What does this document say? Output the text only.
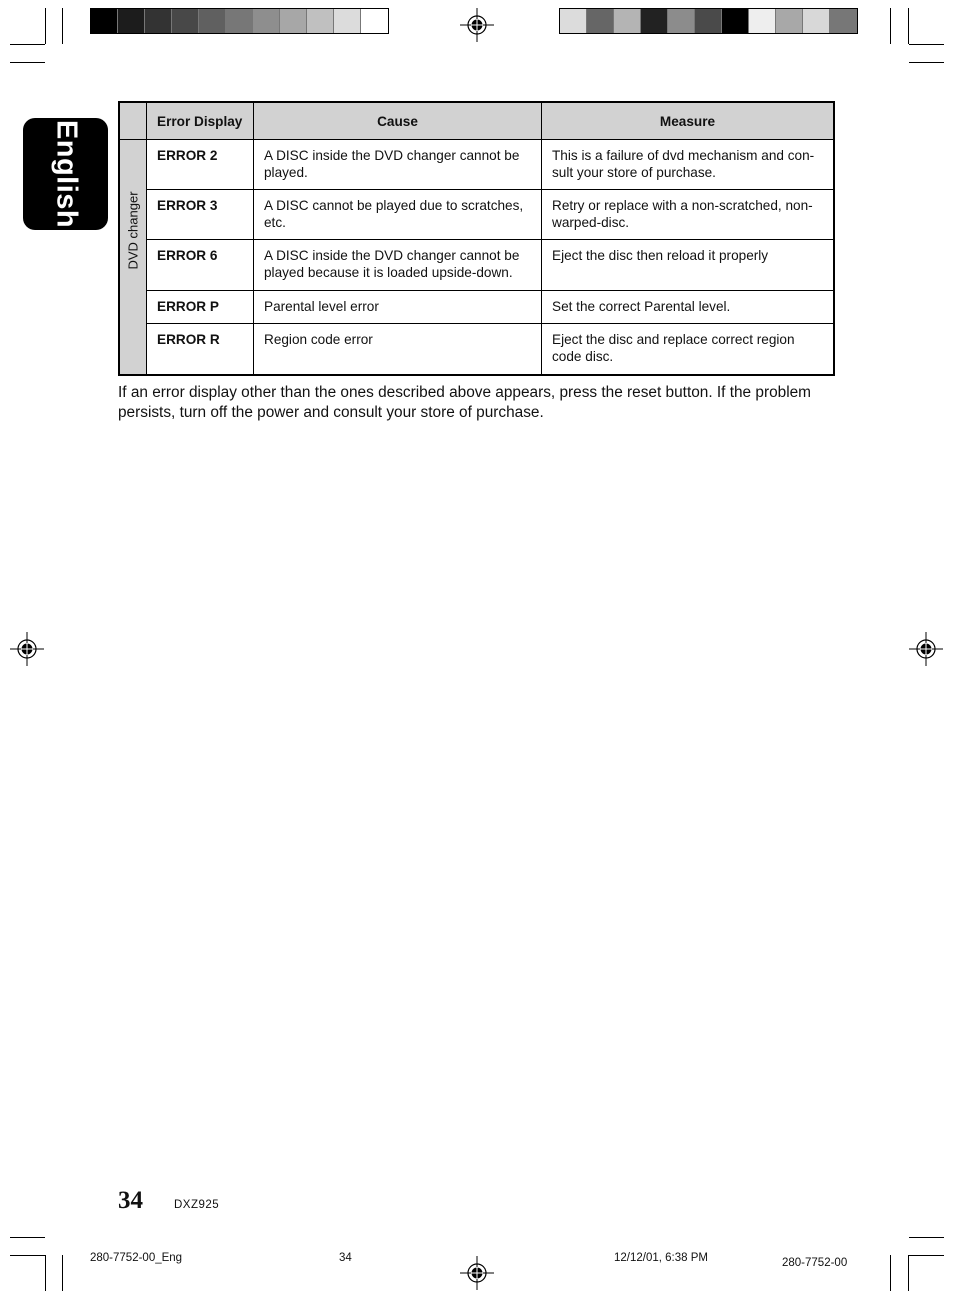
English
		Error Display	Cause	Measure

DVD changer	ERROR 2	A DISC inside the DVD changer cannot be played.	This is a failure of dvd mechanism and con-sult your store of purchase.
	ERROR 3	A DISC cannot be played due to scratches, etc.	Retry or replace with a non-scratched, non-warped-disc.
	ERROR 6	A DISC inside the DVD changer cannot be played because it is loaded upside-down.	Eject the disc then reload it properly
	ERROR P	Parental level error	Set the correct Parental level.
	ERROR R	Region code error	Eject the disc and replace correct region code disc.

If an error display other than the ones described above appears, press the reset button. If the problem persists, turn off the power and consult your store of purchase.

34	DXZ925
280-7752-00_Eng	34	12/12/01, 6:38 PM	280-7752-00
